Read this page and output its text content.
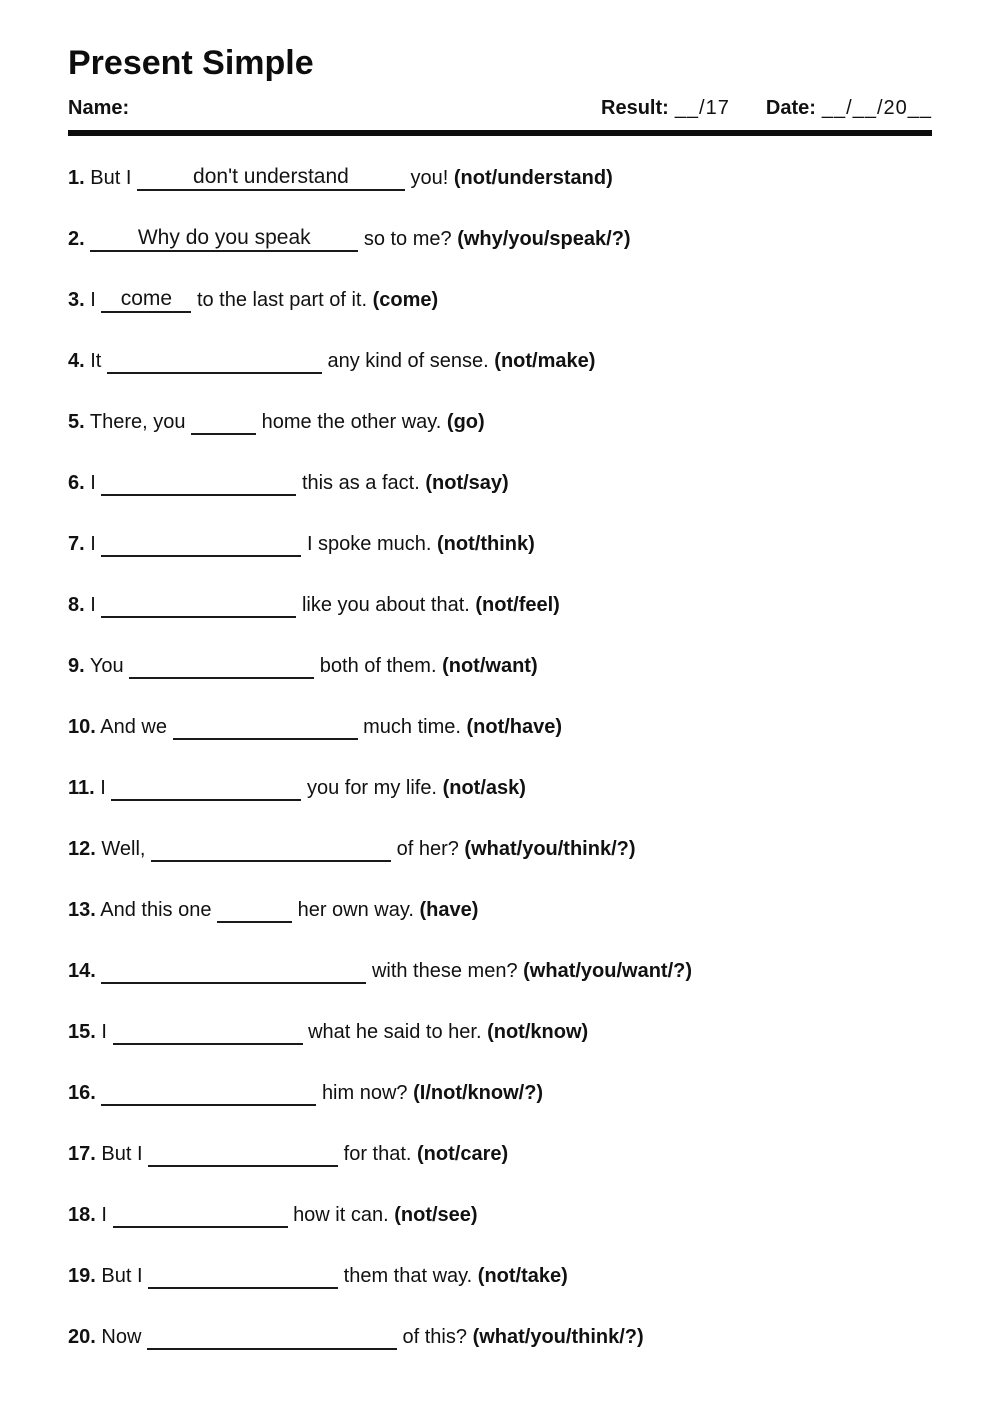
Present Simple
Name:	Result: __/17 Date: __/__/20__
1. But I	don't understand	you! (not/understand)
2.	Why do you speak	so to me? (why/you/speak/?)
3. I come to the last part of it. (come)
4. It	any kind of sense. (not/make)
5. There, you	home the other way. (go)
6. I	this as a fact. (not/say)
7. I	I spoke much. (not/think)
8. I	like you about that. (not/feel)
9. You	both of them. (not/want)
10. And we	much time. (not/have)
11. I	you for my life. (not/ask)
12. Well,	of her? (what/you/think/?)
13. And this one	her own way. (have)
14.	with these men? (what/you/want/?)
15. I	what he said to her. (not/know)
16.	him now? (I/not/know/?)
17. But I	for that. (not/care)
18. I	how it can. (not/see)
19. But I	them that way. (not/take)
20. Now	of this? (what/you/think/?)
